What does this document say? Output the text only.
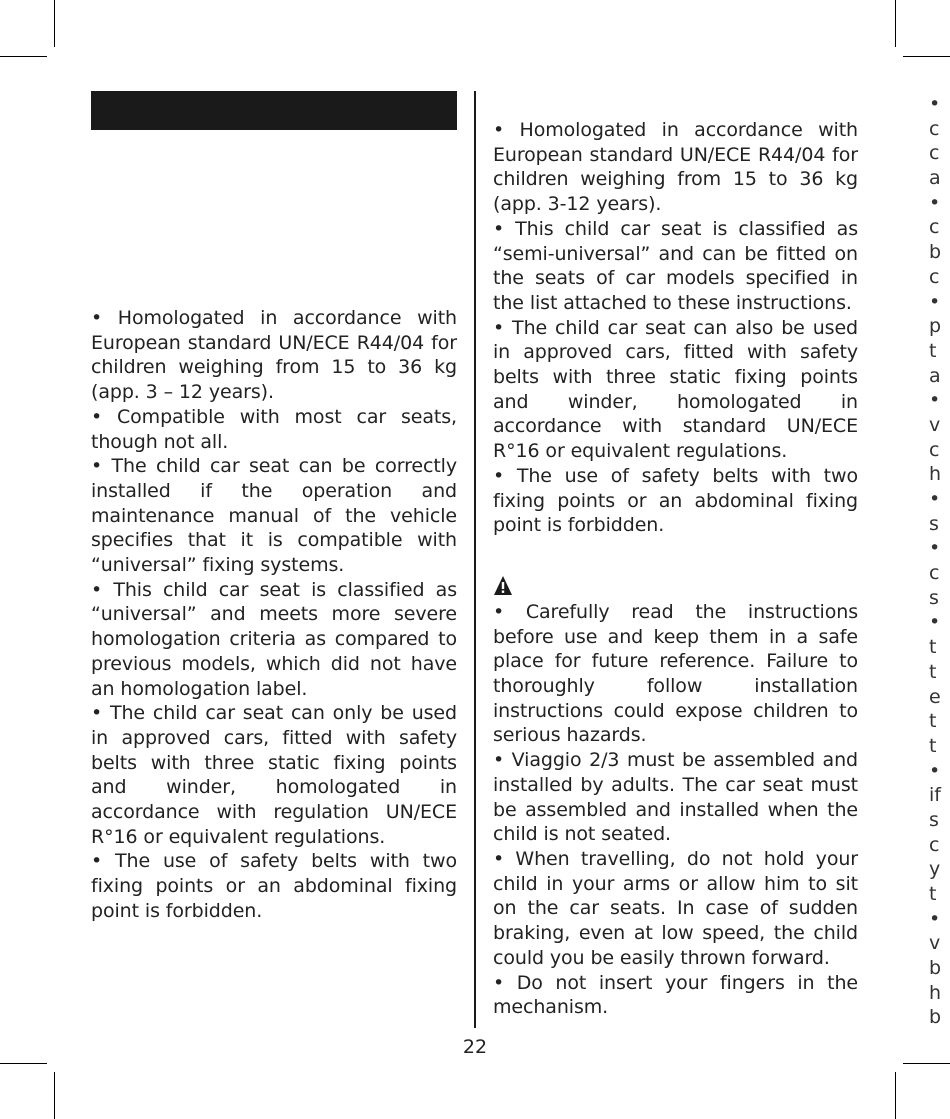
• Homologated in accordance with European standard UN/ECE R44/04 for children weighing from 15 to 36 kg (app. 3 – 12 years).

• Compatible with most car seats, though not all.

• The child car seat can be correctly installed if the operation and maintenance manual of the vehicle specifies that it is compatible with “universal” fixing systems.

• This child car seat is classified as “universal” and meets more severe homologation criteria as compared to previous models, which did not have an homologation label.

• The child car seat can only be used in approved cars, fitted with safety belts with three static fixing points and winder, homologated in accordance with regulation UN/ECE R°16 or equivalent regulations.

• The use of safety belts with two fixing points or an abdominal fixing point is forbidden.

• Homologated in accordance with European standard UN/ECE R44/04 for children weighing from 15 to 36 kg (app. 3-12 years).

• This child car seat is classified as “semi-universal” and can be fitted on the seats of car models specified in the list attached to these instructions.

• The child car seat can also be used in approved cars, fitted with safety belts with three static fixing points and winder, homologated in accordance with standard UN/ECE R°16 or equivalent regulations.

• The use of safety belts with two fixing points or an abdominal fixing point is forbidden.

• Carefully read the instructions before use and keep them in a safe place for future reference. Failure to thoroughly follow installation instructions could expose children to serious hazards.

• Viaggio 2/3 must be assembled and installed by adults. The car seat must be assembled and installed when the child is not seated.

• When travelling, do not hold your child in your arms or allow him to sit on the car seats. In case of sudden braking, even at low speed, the child could you be easily thrown forward.

• Do not insert your fingers in the mechanism.

•
c
c
a
•
c
b
c
•
p
t
a
•
v
c
h
•
s
•
c
s
•
t
t
e
t
t
•
if
s
c
y
t
•
v
b
h
b
22
